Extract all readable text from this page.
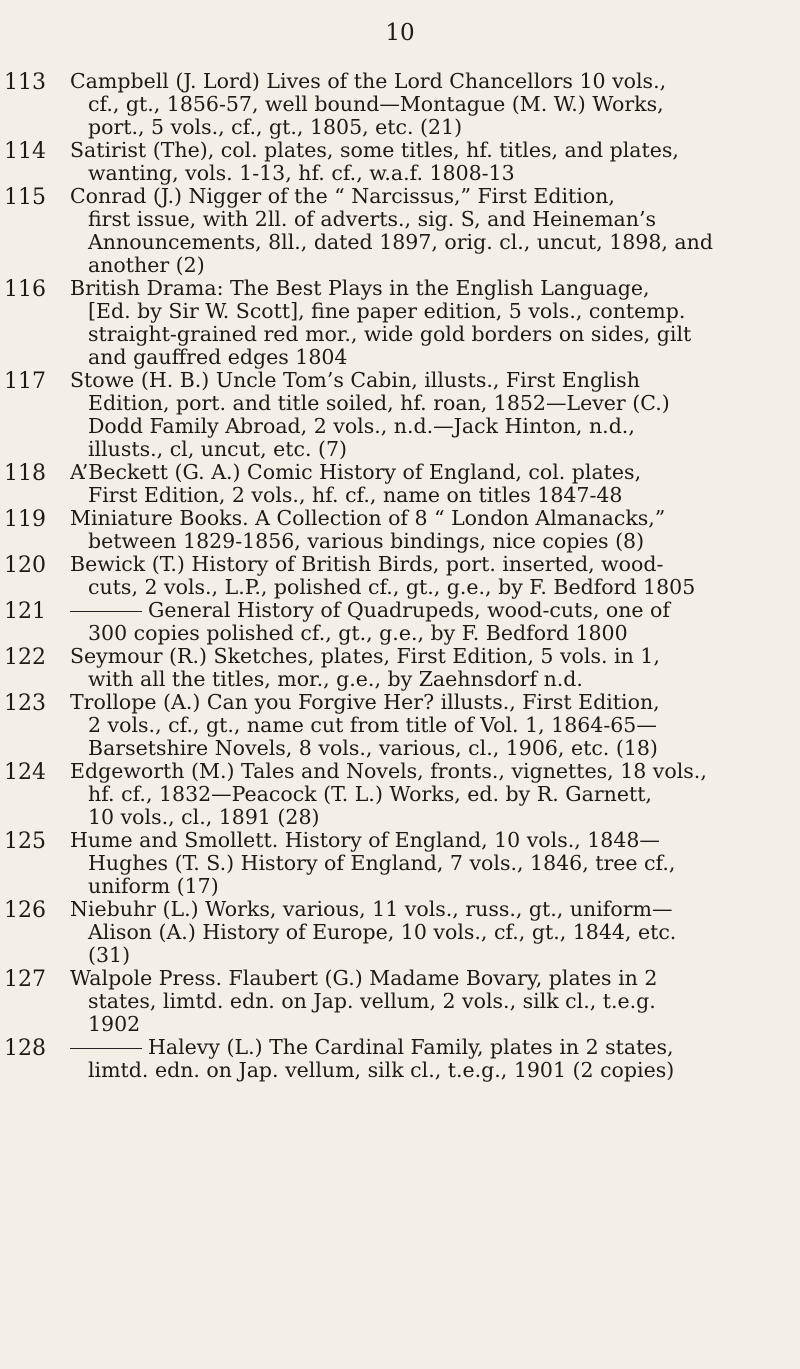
10
113 Campbell (J. Lord) Lives of the Lord Chancellors 10 vols.,
cf., gt., 1856-57, well bound—Montague (M. W.) Works,
port., 5 vols., cf., gt., 1805, etc. (21)
114 Satirist (The), col. plates, some titles, hf. titles, and plates,
wanting, vols. 1-13, hf. cf., w.a.f. 1808-13
115 Conrad (J.) Nigger of the “ Narcissus,” First Edition,
first issue, with 2ll. of adverts., sig. S, and Heineman’s
Announcements, 8ll., dated 1897, orig. cl., uncut, 1898, and
another (2)
116 British Drama: The Best Plays in the English Language,
[Ed. by Sir W. Scott], fine paper edition, 5 vols., contemp.
straight-grained red mor., wide gold borders on sides, gilt
and gauffred edges 1804
117 Stowe (H. B.) Uncle Tom’s Cabin, illusts., First English
Edition, port. and title soiled, hf. roan, 1852—Lever (C.)
Dodd Family Abroad, 2 vols., n.d.—Jack Hinton, n.d.,
illusts., cl, uncut, etc. (7)
118 A’Beckett (G. A.) Comic History of England, col. plates,
First Edition, 2 vols., hf. cf., name on titles 1847-48
119 Miniature Books. A Collection of 8 “ London Almanacks,”
between 1829-1856, various bindings, nice copies (8)
120 Bewick (T.) History of British Birds, port. inserted, wood-
cuts, 2 vols., L.P., polished cf., gt., g.e., by F. Bedford 1805
121	General History of Quadrupeds, wood-cuts, one of
300 copies polished cf., gt., g.e., by F. Bedford 1800
122 Seymour (R.) Sketches, plates, First Edition, 5 vols. in 1,
with all the titles, mor., g.e., by Zaehnsdorf n.d.
123 Trollope (A.) Can you Forgive Her? illusts., First Edition,
2 vols., cf., gt., name cut from title of Vol. 1, 1864-65—
Barsetshire Novels, 8 vols., various, cl., 1906, etc. (18)
124 Edgeworth (M.) Tales and Novels, fronts., vignettes, 18 vols.,
hf. cf., 1832—Peacock (T. L.) Works, ed. by R. Garnett,
10 vols., cl., 1891 (28)
125 Hume and Smollett. History of England, 10 vols., 1848—
Hughes (T. S.) History of England, 7 vols., 1846, tree cf.,
uniform (17)
126 Niebuhr (L.) Works, various, 11 vols., russ., gt., uniform—
Alison (A.) History of Europe, 10 vols., cf., gt., 1844, etc.
(31)
127 Walpole Press. Flaubert (G.) Madame Bovary, plates in 2
states, limtd. edn. on Jap. vellum, 2 vols., silk cl., t.e.g.
1902
128	Halevy (L.) The Cardinal Family, plates in 2 states,
limtd. edn. on Jap. vellum, silk cl., t.e.g., 1901 (2 copies)
